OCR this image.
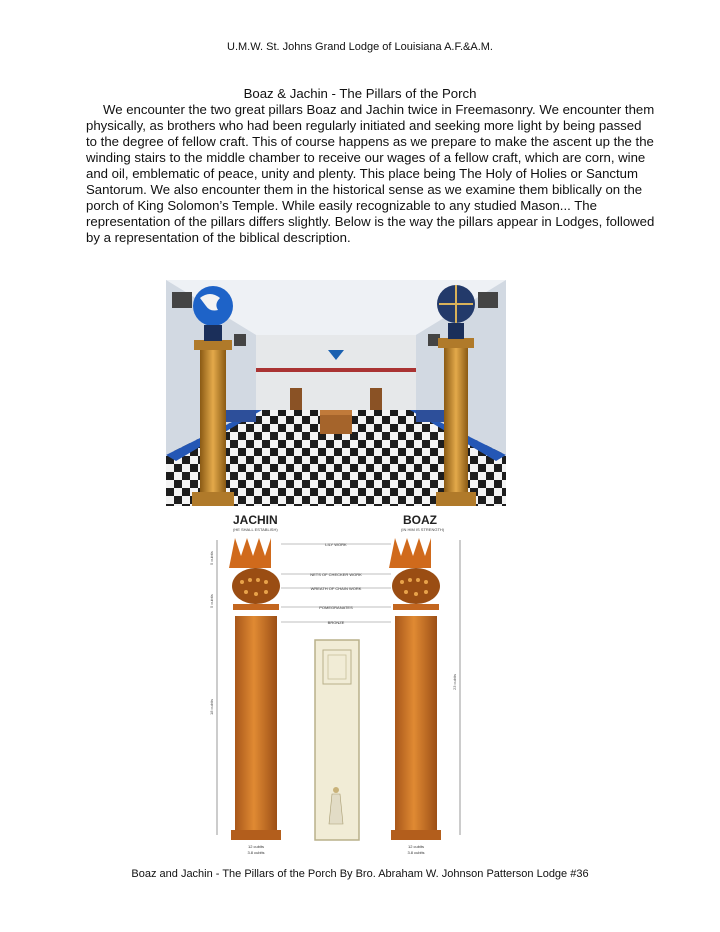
U.M.W. St. Johns Grand Lodge of Louisiana A.F.&A.M.
Boaz & Jachin - The Pillars of the Porch

We encounter the two great pillars Boaz and Jachin twice in Freemasonry. We encounter them physically, as brothers who had been regularly initiated and seeking more light by being passed to the degree of fellow craft. This of course happens as we prepare to make the ascent up the the winding stairs to the middle chamber to receive our wages of a fellow craft, which are corn, wine and oil, emblematic of peace, unity and plenty. This place being The Holy of Holies or Sanctum Santorum. We also encounter them in the historical sense as we examine them biblically on the porch of King Solomon’s Temple. While easily recognizable to any studied Mason... The representation of the pillars differs slightly. Below is the way the pillars appear in Lodges, followed by a representation of the biblical description.

JACHIN
(HE SHALL ESTABLISH)
BOAZ
(IN HIM IS STRENGTH)
5 cubits
5 cubits
18 cubits
23 cubits
LILY WORK
NETS OF CHECKER WORK
WREATH OF CHAIN WORK
POMEGRANATES
BRONZE
12 cubits
3.8 cubits
12 cubits
3.8 cubits
Boaz and Jachin - The Pillars of the Porch By Bro. Abraham W. Johnson Patterson Lodge #36
